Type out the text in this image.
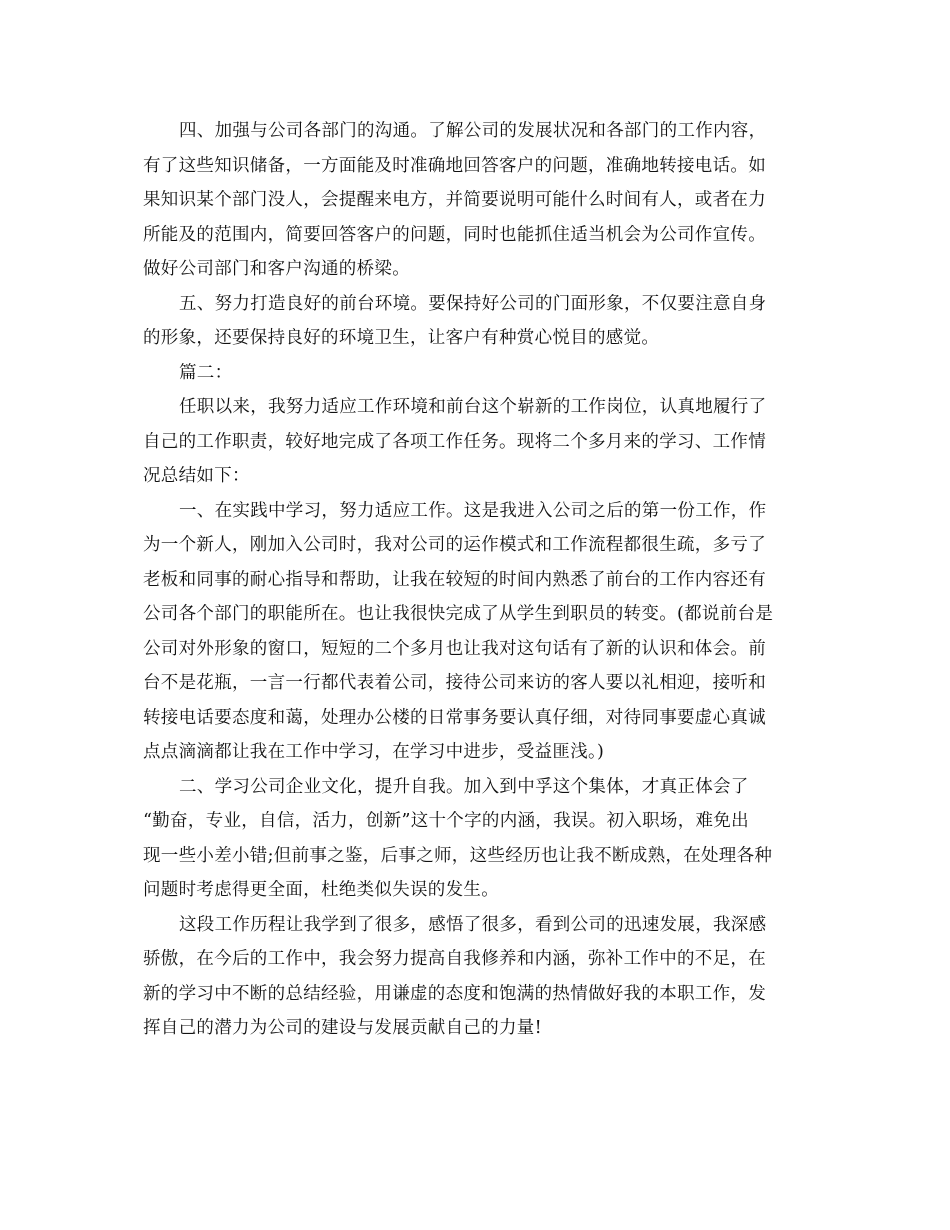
四、加强与公司各部门的沟通。了解公司的发展状况和各部门的工作内容，
有了这些知识储备，一方面能及时准确地回答客户的问题，准确地转接电话。如
果知识某个部门没人，会提醒来电方，并简要说明可能什么时间有人，或者在力
所能及的范围内，简要回答客户的问题，同时也能抓住适当机会为公司作宣传。
做好公司部门和客户沟通的桥梁。
五、努力打造良好的前台环境。要保持好公司的门面形象，不仅要注意自身
的形象，还要保持良好的环境卫生，让客户有种赏心悦目的感觉。
篇二：
任职以来，我努力适应工作环境和前台这个崭新的工作岗位，认真地履行了
自己的工作职责，较好地完成了各项工作任务。现将二个多月来的学习、工作情
况总结如下：
一、在实践中学习，努力适应工作。这是我进入公司之后的第一份工作，作
为一个新人，刚加入公司时，我对公司的运作模式和工作流程都很生疏，多亏了
老板和同事的耐心指导和帮助，让我在较短的时间内熟悉了前台的工作内容还有
公司各个部门的职能所在。也让我很快完成了从学生到职员的转变。(都说前台是
公司对外形象的窗口，短短的二个多月也让我对这句话有了新的认识和体会。前
台不是花瓶，一言一行都代表着公司，接待公司来访的客人要以礼相迎，接听和
转接电话要态度和蔼，处理办公楼的日常事务要认真仔细，对待同事要虚心真诚
点点滴滴都让我在工作中学习，在学习中进步，受益匪浅。)
二、学习公司企业文化，提升自我。加入到中孚这个集体，才真正体会了
“勤奋，专业，自信，活力，创新”这十个字的内涵，我误。初入职场，难免出
现一些小差小错;但前事之鉴，后事之师，这些经历也让我不断成熟，在处理各种
问题时考虑得更全面，杜绝类似失误的发生。
这段工作历程让我学到了很多，感悟了很多，看到公司的迅速发展，我深感
骄傲，在今后的工作中，我会努力提高自我修养和内涵，弥补工作中的不足，在
新的学习中不断的总结经验，用谦虚的态度和饱满的热情做好我的本职工作，发
挥自己的潜力为公司的建设与发展贡献自己的力量!
